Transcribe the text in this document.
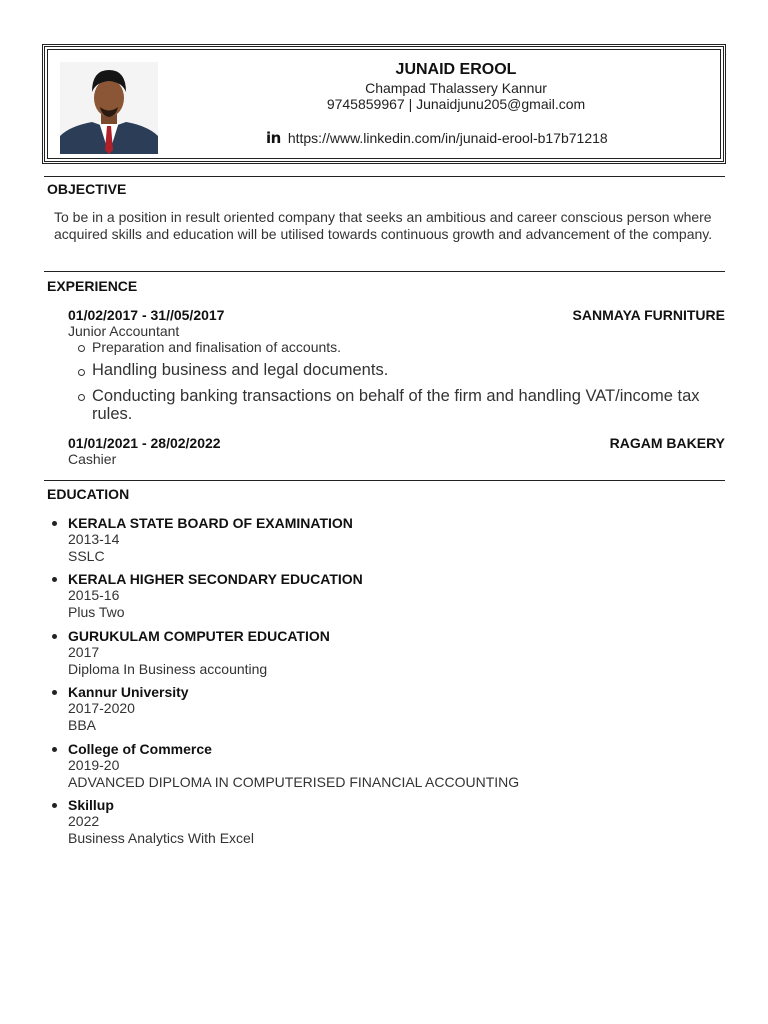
JUNAID EROOL
Champad Thalassery Kannur
9745859967 | Junaidjunu205@gmail.com
in https://www.linkedin.com/in/junaid-erool-b17b71218
OBJECTIVE
To be in a position in result oriented company that seeks an ambitious and career conscious person where acquired skills and education will be utilised towards continuous growth and advancement of the company.
EXPERIENCE
01/02/2017 - 31//05/2017	SANMAYA FURNITURE
Junior Accountant
Preparation and finalisation of accounts.
Handling business and legal documents.
Conducting banking transactions on behalf of the firm and handling VAT/income tax rules.
01/01/2021 - 28/02/2022	RAGAM BAKERY
Cashier
EDUCATION
KERALA STATE BOARD OF EXAMINATION
2013-14
SSLC
KERALA HIGHER SECONDARY EDUCATION
2015-16
Plus Two
GURUKULAM COMPUTER EDUCATION
2017
Diploma In Business accounting
Kannur University
2017-2020
BBA
College of Commerce
2019-20
ADVANCED DIPLOMA IN COMPUTERISED FINANCIAL ACCOUNTING
Skillup
2022
Business Analytics With Excel
